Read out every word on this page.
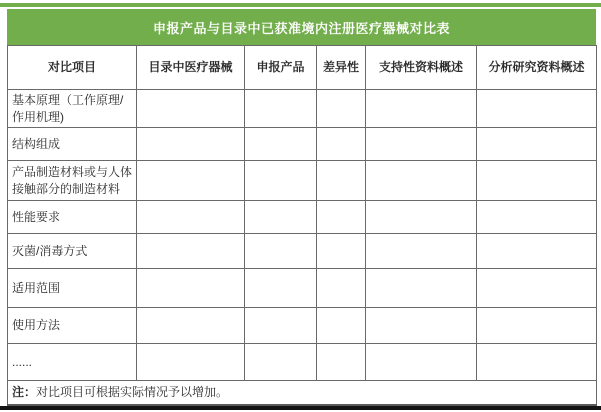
申报产品与目录中已获准境内注册医疗器械对比表
对比项目	目录中医疗器械	申报产品	差异性	支持性资料概述	分析研究资料概述
基本原理（工作原理/作用机理)					
结构组成					
产品制造材料或与人体接触部分的制造材料					
性能要求					
灭菌/消毒方式					
适用范围					
使用方法					
......					
注：对比项目可根据实际情况予以增加。					
